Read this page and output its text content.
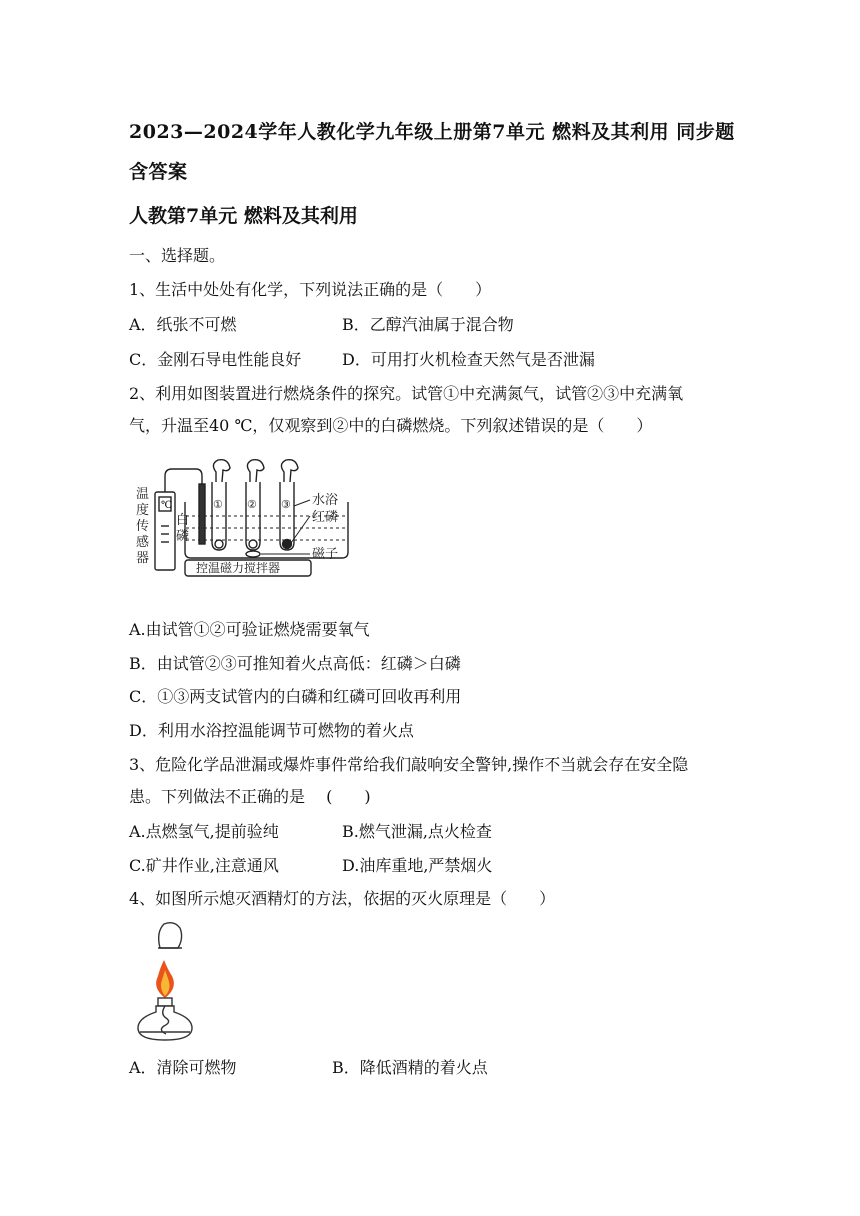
2023—2024学年人教化学九年级上册第7单元 燃料及其利用 同步题含答案
人教第7单元 燃料及其利用
一、选择题。
1、生活中处处有化学，下列说法正确的是（　　）
A．纸张不可燃	B．乙醇汽油属于混合物
C．金刚石导电性能良好	D．可用打火机检查天然气是否泄漏
2、利用如图装置进行燃烧条件的探究。试管①中充满氮气，试管②③中充满氧
气，升温至40 ℃，仅观察到②中的白磷燃烧。下列叙述错误的是（　　）
℃
温
度
传
感
器
白
磷
① ② ③ 水浴
红磷
磁子
控温磁力搅拌器
A.由试管①②可验证燃烧需要氧气
B．由试管②③可推知着火点高低：红磷＞白磷
C．①③两支试管内的白磷和红磷可回收再利用
D．利用水浴控温能调节可燃物的着火点
3、危险化学品泄漏或爆炸事件常给我们敲响安全警钟,操作不当就会存在安全隐
患。下列做法不正确的是　 (　　)
A.点燃氢气,提前验纯	B.燃气泄漏,点火检查
C.矿井作业,注意通风	D.油库重地,严禁烟火
4、如图所示熄灭酒精灯的方法，依据的灭火原理是（　　）
A．清除可燃物	B．降低酒精的着火点
